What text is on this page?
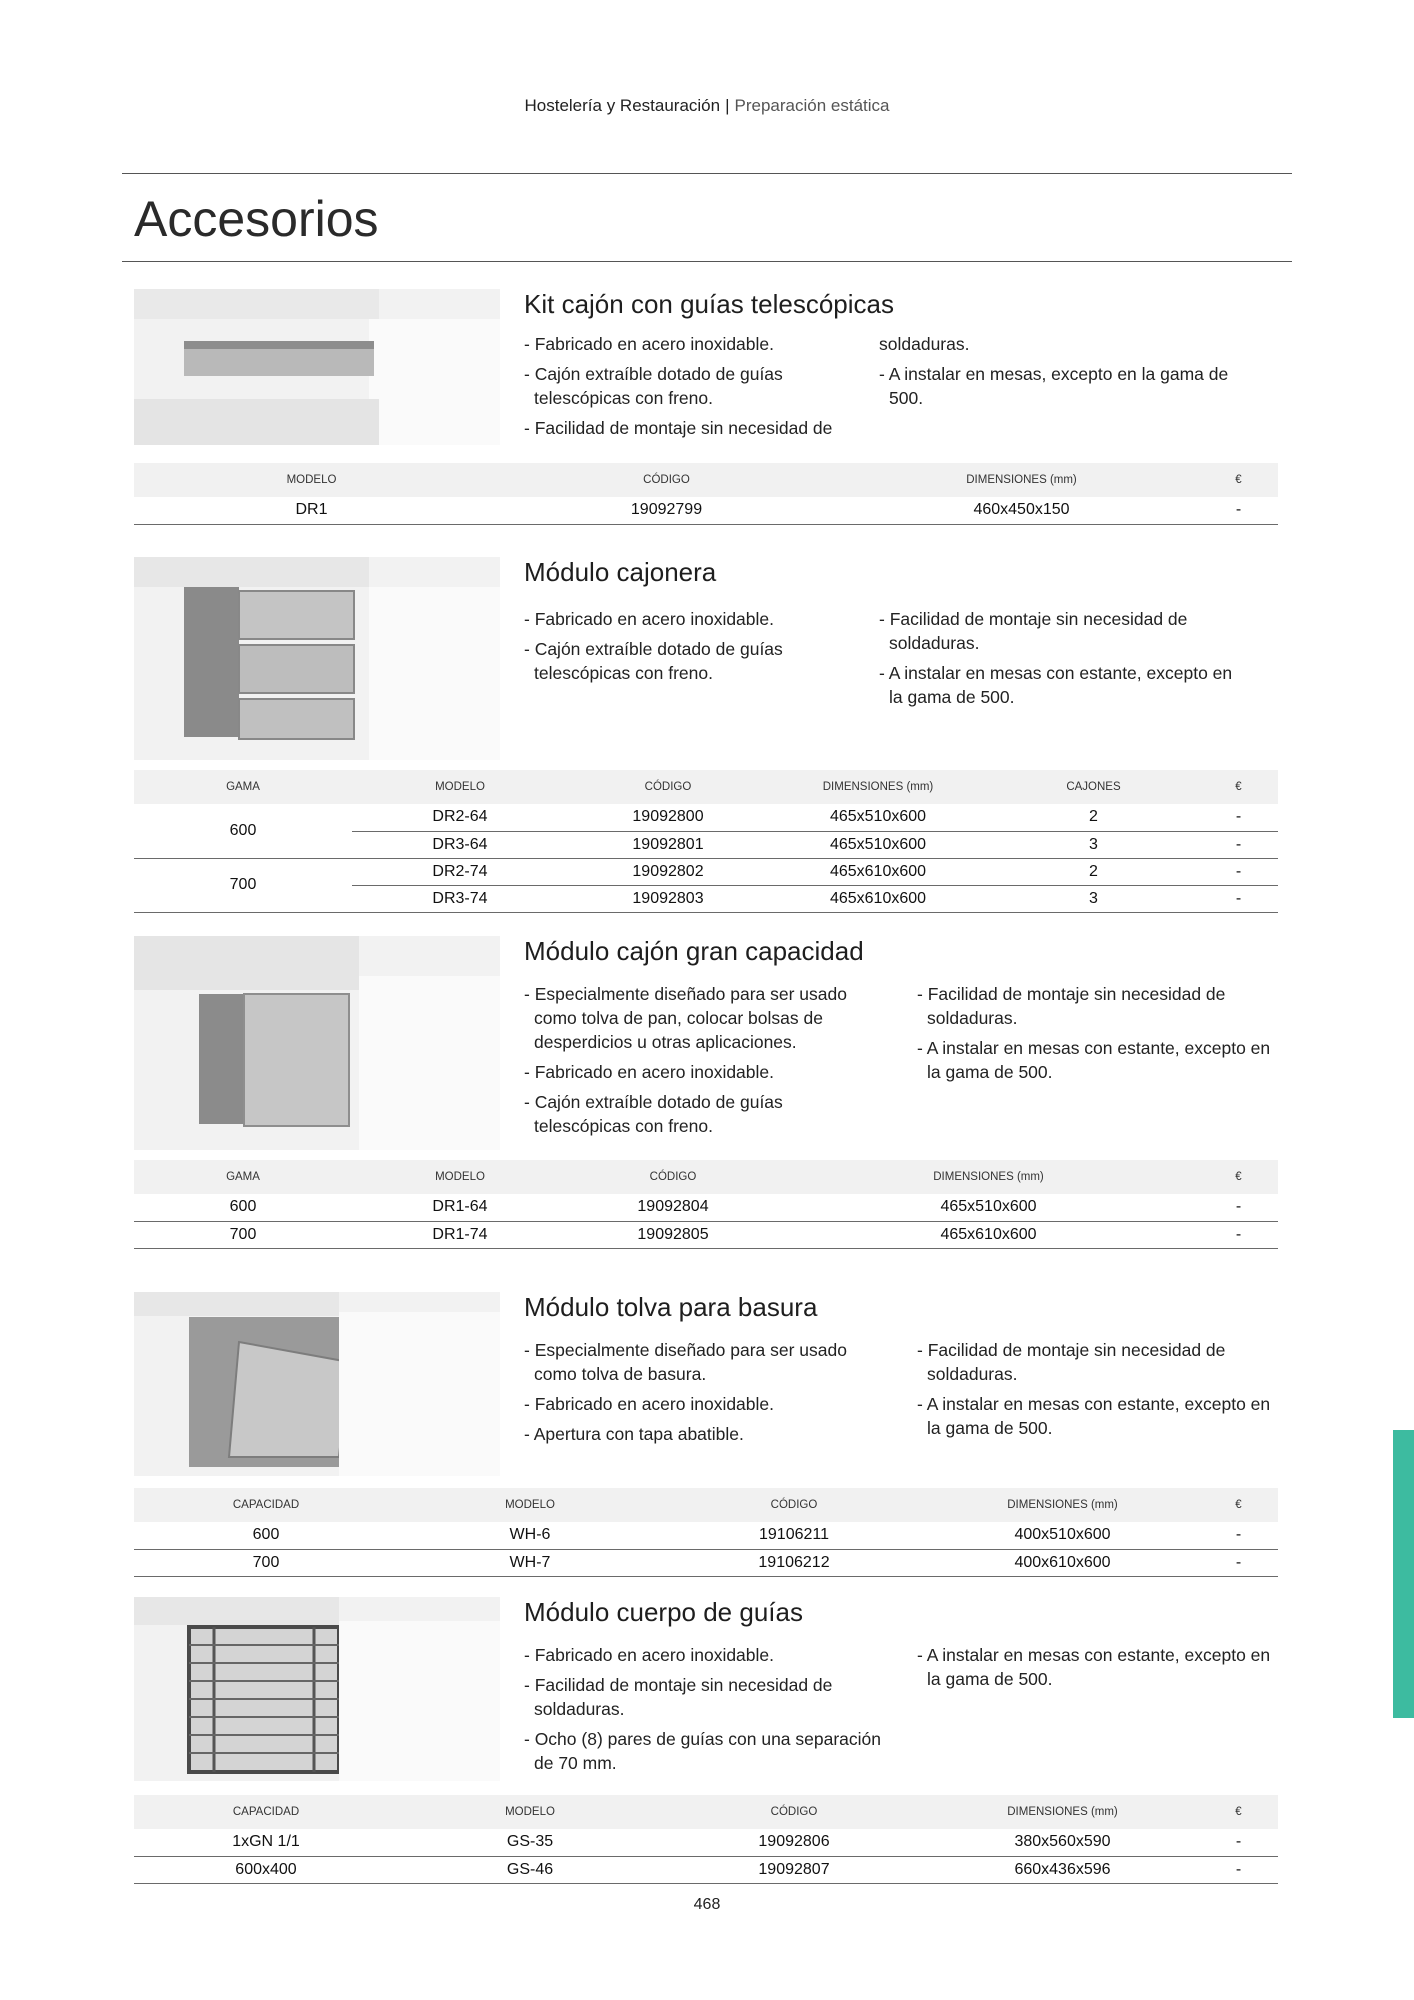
Hostelería y Restauración | Preparación estática
Accesorios
Kit cajón con guías telescópicas
- Fabricado en acero inoxidable.
- Cajón extraíble dotado de guías telescópicas con freno.
- Facilidad de montaje sin necesidad de
soldaduras.
- A instalar en mesas, excepto en la gama de 500.
MODELO	CÓDIGO	DIMENSIONES (mm)	€
DR1	19092799	460x450x150	-
Módulo cajonera
- Fabricado en acero inoxidable.
- Cajón extraíble dotado de guías telescópicas con freno.
- Facilidad de montaje sin necesidad de soldaduras.
- A instalar en mesas con estante, excepto en la gama de 500.
GAMA	MODELO	CÓDIGO	DIMENSIONES (mm)	CAJONES	€
600	DR2-64	19092800	465x510x600	2	-
	DR3-64	19092801	465x510x600	3	-
700	DR2-74	19092802	465x610x600	2	-
	DR3-74	19092803	465x610x600	3	-
Módulo cajón gran capacidad
- Especialmente diseñado para ser usado como tolva de pan, colocar bolsas de desperdicios u otras aplicaciones.
- Fabricado en acero inoxidable.
- Cajón extraíble dotado de guías telescópicas con freno.
- Facilidad de montaje sin necesidad de soldaduras.
- A instalar en mesas con estante, excepto en la gama de 500.
GAMA	MODELO	CÓDIGO	DIMENSIONES (mm)	€
600	DR1-64	19092804	465x510x600	-
700	DR1-74	19092805	465x610x600	-
Módulo tolva para basura
- Especialmente diseñado para ser usado como tolva de basura.
- Fabricado en acero inoxidable.
- Apertura con tapa abatible.
- Facilidad de montaje sin necesidad de soldaduras.
- A instalar en mesas con estante, excepto en la gama de 500.
CAPACIDAD	MODELO	CÓDIGO	DIMENSIONES (mm)	€
600	WH-6	19106211	400x510x600	-
700	WH-7	19106212	400x610x600	-
Módulo cuerpo de guías
- Fabricado en acero inoxidable.
- Facilidad de montaje sin necesidad de soldaduras.
- Ocho (8) pares de guías con una separación de 70 mm.
- A instalar en mesas con estante, excepto en la gama de 500.
CAPACIDAD	MODELO	CÓDIGO	DIMENSIONES (mm)	€
1xGN 1/1	GS-35	19092806	380x560x590	-
600x400	GS-46	19092807	660x436x596	-
468
